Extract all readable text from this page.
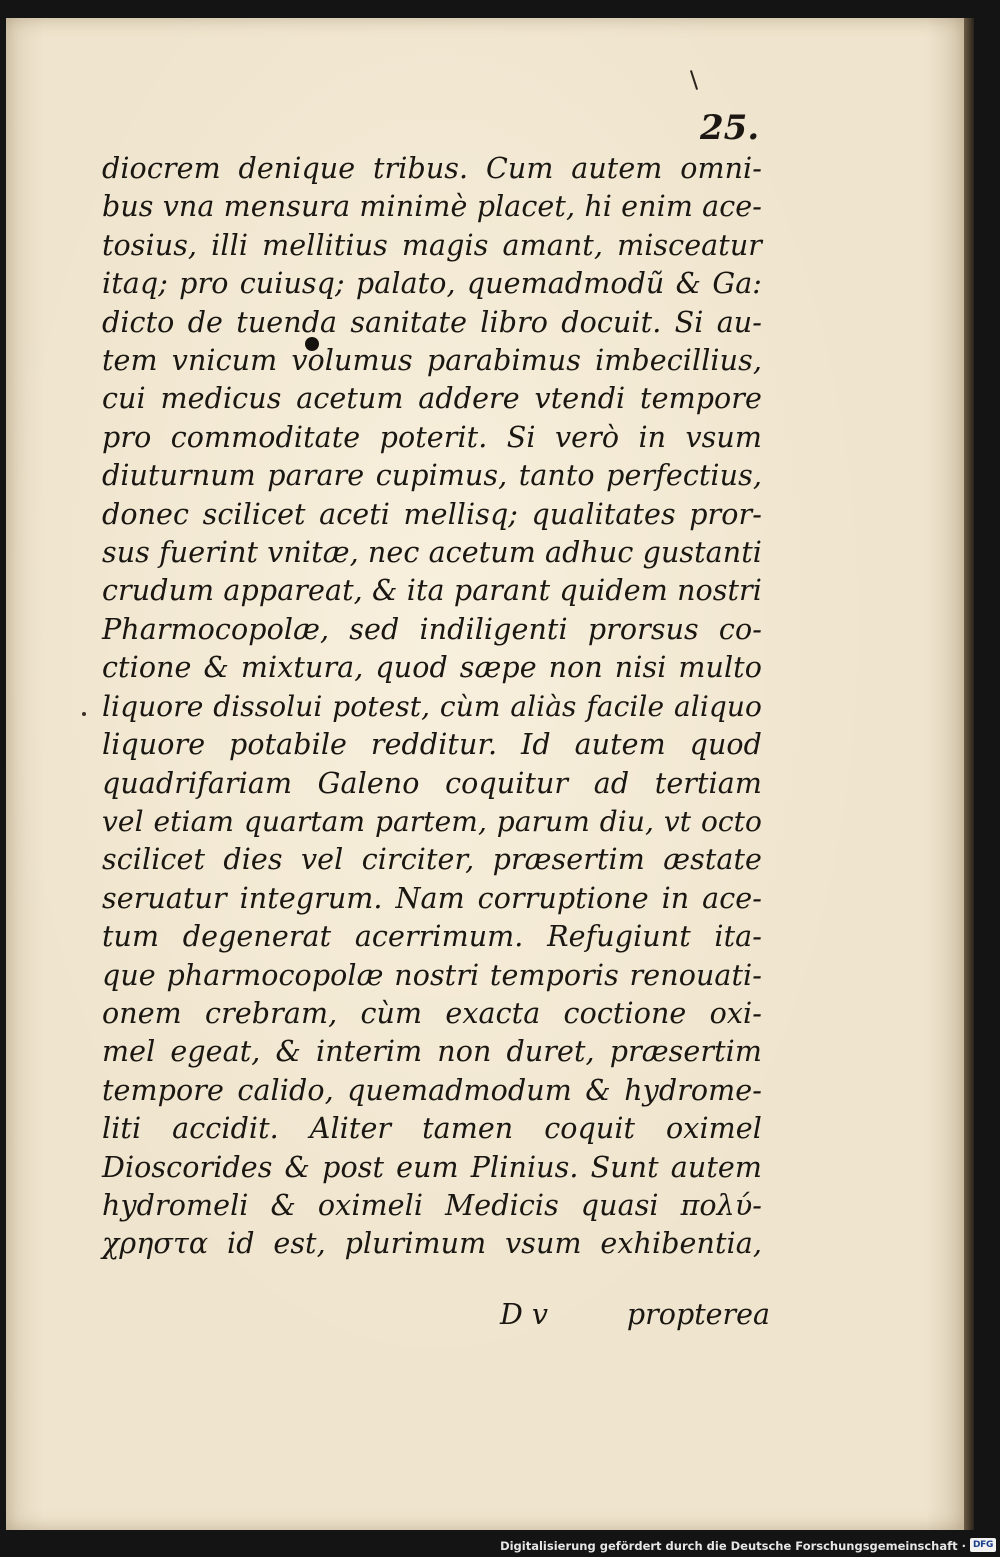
25.
diocrem denique tribus. Cum autem omni-
bus vna mensura minimè placet, hi enim ace-
tosius, illi mellitius magis amant, misceatur
itaq; pro cuiusq; palato, quemadmodũ & Ga:
dicto de tuenda sanitate libro docuit. Si au-
tem vnicum volumus parabimus imbecillius,
cui medicus acetum addere vtendi tempore
pro commoditate poterit. Si verò in vsum
diuturnum parare cupimus, tanto perfectius,
donec scilicet aceti mellisq; qualitates pror-
sus fuerint vnitæ, nec acetum adhuc gustanti
crudum appareat, & ita parant quidem nostri
Pharmocopolæ, sed indiligenti prorsus co-
ctione & mixtura, quod sæpe non nisi multo
liquore dissolui potest, cùm aliàs facile aliquo
liquore potabile redditur. Id autem quod
quadrifariam Galeno coquitur ad tertiam
vel etiam quartam partem, parum diu, vt octo
scilicet dies vel circiter, præsertim æstate
seruatur integrum. Nam corruptione in ace-
tum degenerat acerrimum. Refugiunt ita-
que pharmocopolæ nostri temporis renouati-
onem crebram, cùm exacta coctione oxi-
mel egeat, & interim non duret, præsertim
tempore calido, quemadmodum & hydrome-
liti accidit. Aliter tamen coquit oximel
Dioscorides & post eum Plinius. Sunt autem
hydromeli & oximeli Medicis quasi πολύ-
χρηστα id est, plurimum vsum exhibentia,
D v	propterea
Digitalisierung gefördert durch die Deutsche Forschungsgemeinschaft · DFG
